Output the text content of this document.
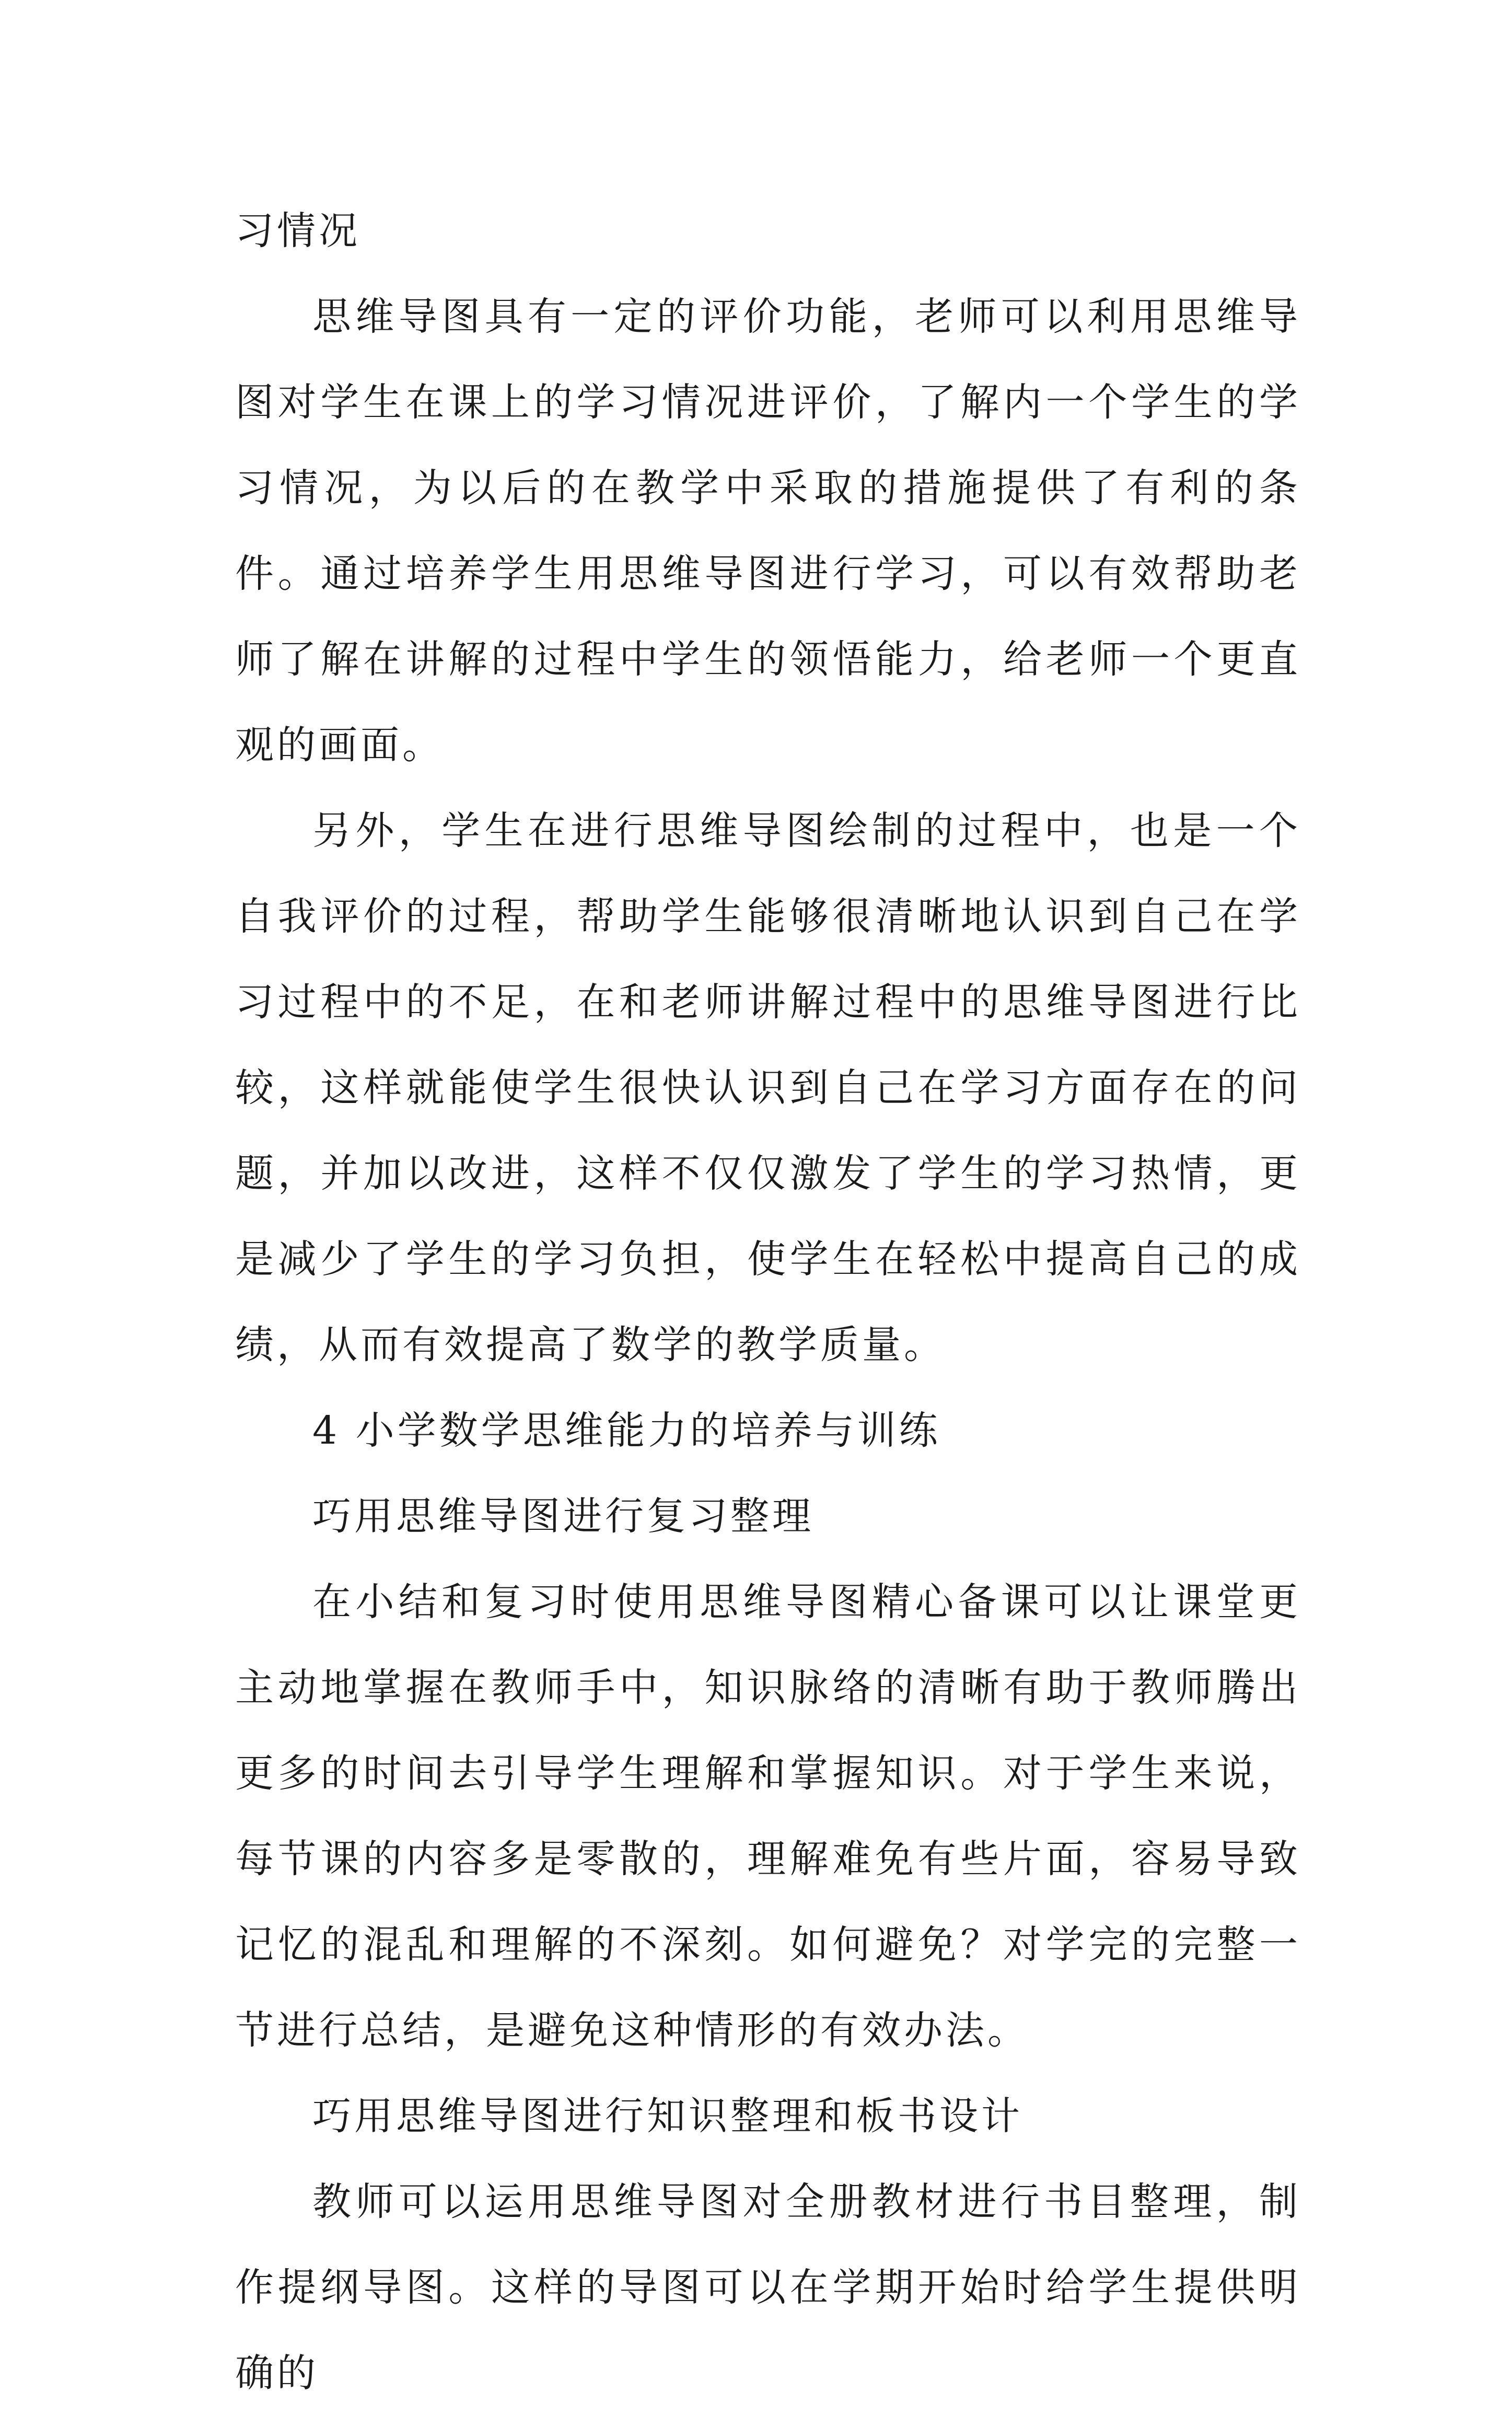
习情况

思维导图具有一定的评价功能，老师可以利用思维导图对学生在课上的学习情况进评价，了解内一个学生的学习情况，为以后的在教学中采取的措施提供了有利的条件。通过培养学生用思维导图进行学习，可以有效帮助老师了解在讲解的过程中学生的领悟能力，给老师一个更直观的画面。

另外，学生在进行思维导图绘制的过程中，也是一个自我评价的过程，帮助学生能够很清晰地认识到自己在学习过程中的不足，在和老师讲解过程中的思维导图进行比较，这样就能使学生很快认识到自己在学习方面存在的问题，并加以改进，这样不仅仅激发了学生的学习热情，更是减少了学生的学习负担，使学生在轻松中提高自己的成绩，从而有效提高了数学的教学质量。

4 小学数学思维能力的培养与训练

巧用思维导图进行复习整理

在小结和复习时使用思维导图精心备课可以让课堂更主动地掌握在教师手中，知识脉络的清晰有助于教师腾出更多的时间去引导学生理解和掌握知识。对于学生来说，每节课的内容多是零散的，理解难免有些片面，容易导致记忆的混乱和理解的不深刻。如何避免？对学完的完整一节进行总结，是避免这种情形的有效办法。

巧用思维导图进行知识整理和板书设计

教师可以运用思维导图对全册教材进行书目整理，制作提纲导图。这样的导图可以在学期开始时给学生提供明确的
